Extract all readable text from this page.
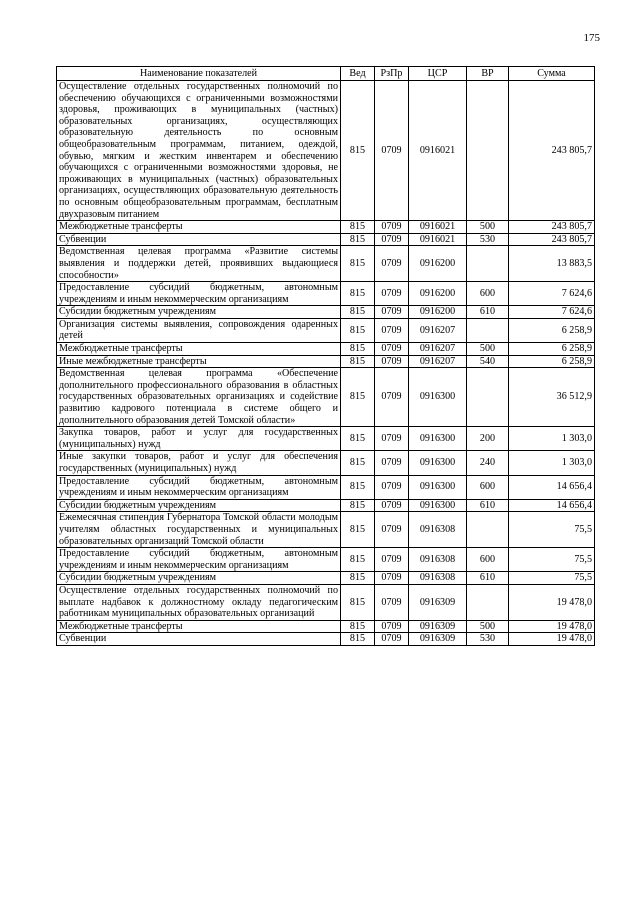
175
Наименование показателей	Вед	РзПр	ЦСР	ВР	Сумма
Осуществление отдельных государственных полномочий по обеспечению обучающихся с ограниченными возможностями здоровья, проживающих в муниципальных (частных) образовательных организациях, осуществляющих образовательную деятельность по основным общеобразовательным программам, питанием, одеждой, обувью, мягким и жестким инвентарем и обеспечению обучающихся с ограниченными возможностями здоровья, не проживающих в муниципальных (частных) образовательных организациях, осуществляющих образовательную деятельность по основным общеобразовательным программам, бесплатным двухразовым питанием	815	0709	0916021		243 805,7
Межбюджетные трансферты	815	0709	0916021	500	243 805,7
Субвенции	815	0709	0916021	530	243 805,7
Ведомственная целевая программа «Развитие системы выявления и поддержки детей, проявивших выдающиеся способности»	815	0709	0916200		13 883,5
Предоставление субсидий бюджетным, автономным учреждениям и иным некоммерческим организациям	815	0709	0916200	600	7 624,6
Субсидии бюджетным учреждениям	815	0709	0916200	610	7 624,6
Организация системы выявления, сопровождения одаренных детей	815	0709	0916207		6 258,9
Межбюджетные трансферты	815	0709	0916207	500	6 258,9
Иные межбюджетные трансферты	815	0709	0916207	540	6 258,9
Ведомственная целевая программа «Обеспечение дополнительного профессионального образования в областных государственных образовательных организациях и содействие развитию кадрового потенциала в системе общего и дополнительного образования детей Томской области»	815	0709	0916300		36 512,9
Закупка товаров, работ и услуг для государственных (муниципальных) нужд	815	0709	0916300	200	1 303,0
Иные закупки товаров, работ и услуг для обеспечения государственных (муниципальных) нужд	815	0709	0916300	240	1 303,0
Предоставление субсидий бюджетным, автономным учреждениям и иным некоммерческим организациям	815	0709	0916300	600	14 656,4
Субсидии бюджетным учреждениям	815	0709	0916300	610	14 656,4
Ежемесячная стипендия Губернатора Томской области молодым учителям областных государственных и муниципальных образовательных организаций Томской области	815	0709	0916308		75,5
Предоставление субсидий бюджетным, автономным учреждениям и иным некоммерческим организациям	815	0709	0916308	600	75,5
Субсидии бюджетным учреждениям	815	0709	0916308	610	75,5
Осуществление отдельных государственных полномочий по выплате надбавок к должностному окладу педагогическим работникам муниципальных образовательных организаций	815	0709	0916309		19 478,0
Межбюджетные трансферты	815	0709	0916309	500	19 478,0
Субвенции	815	0709	0916309	530	19 478,0
